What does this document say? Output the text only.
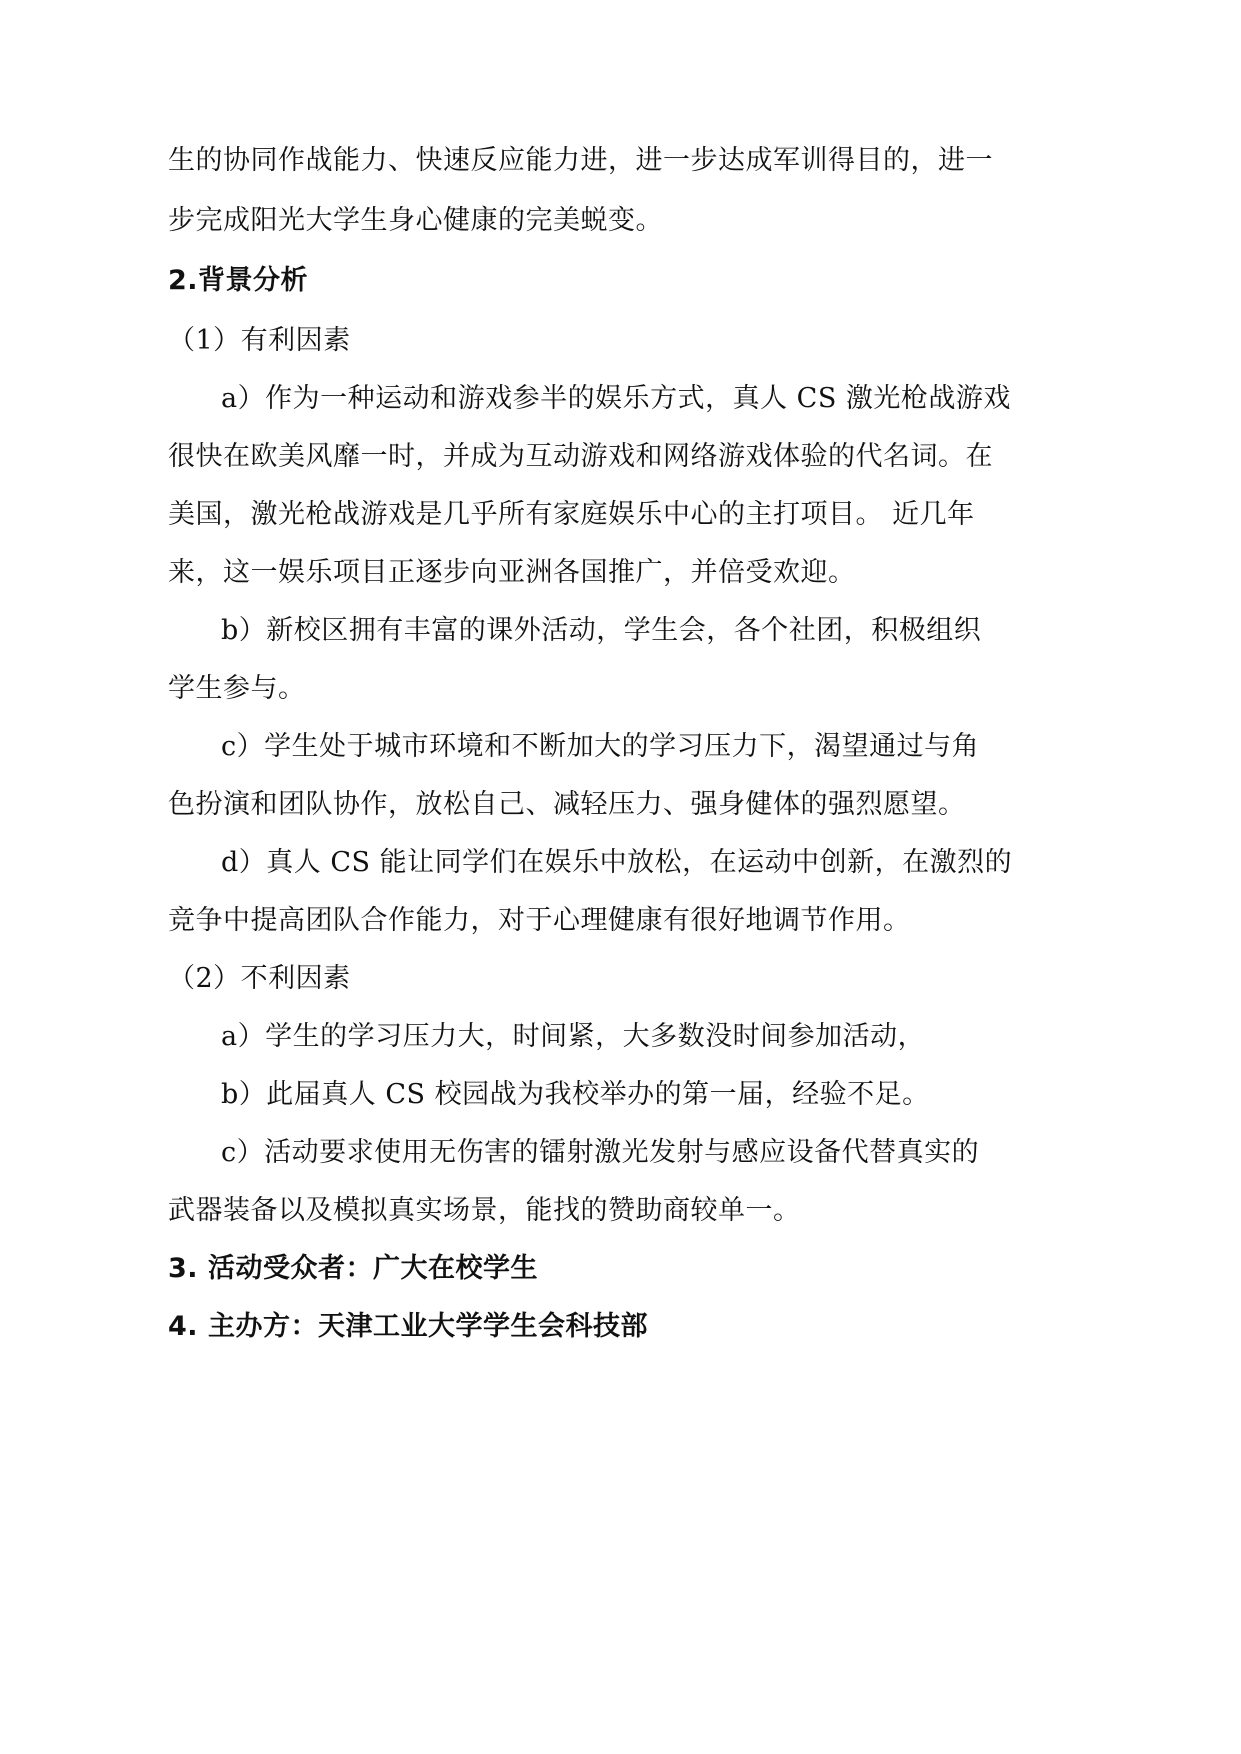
生的协同作战能力、快速反应能力进，进一步达成军训得目的，进一
步完成阳光大学生身心健康的完美蜕变。
2.背景分析
（1）有利因素
a）作为一种运动和游戏参半的娱乐方式，真人 CS 激光枪战游戏
很快在欧美风靡一时，并成为互动游戏和网络游戏体验的代名词。在
美国，激光枪战游戏是几乎所有家庭娱乐中心的主打项目。 近几年
来，这一娱乐项目正逐步向亚洲各国推广，并倍受欢迎。
b）新校区拥有丰富的课外活动，学生会，各个社团，积极组织
学生参与。
c）学生处于城市环境和不断加大的学习压力下，渴望通过与角
色扮演和团队协作，放松自己、减轻压力、强身健体的强烈愿望。
d）真人 CS 能让同学们在娱乐中放松，在运动中创新，在激烈的
竞争中提高团队合作能力，对于心理健康有很好地调节作用。
（2）不利因素
a）学生的学习压力大，时间紧，大多数没时间参加活动，
b）此届真人 CS 校园战为我校举办的第一届，经验不足。
c）活动要求使用无伤害的镭射激光发射与感应设备代替真实的
武器装备以及模拟真实场景，能找的赞助商较单一。
3. 活动受众者：广大在校学生
4. 主办方：天津工业大学学生会科技部
